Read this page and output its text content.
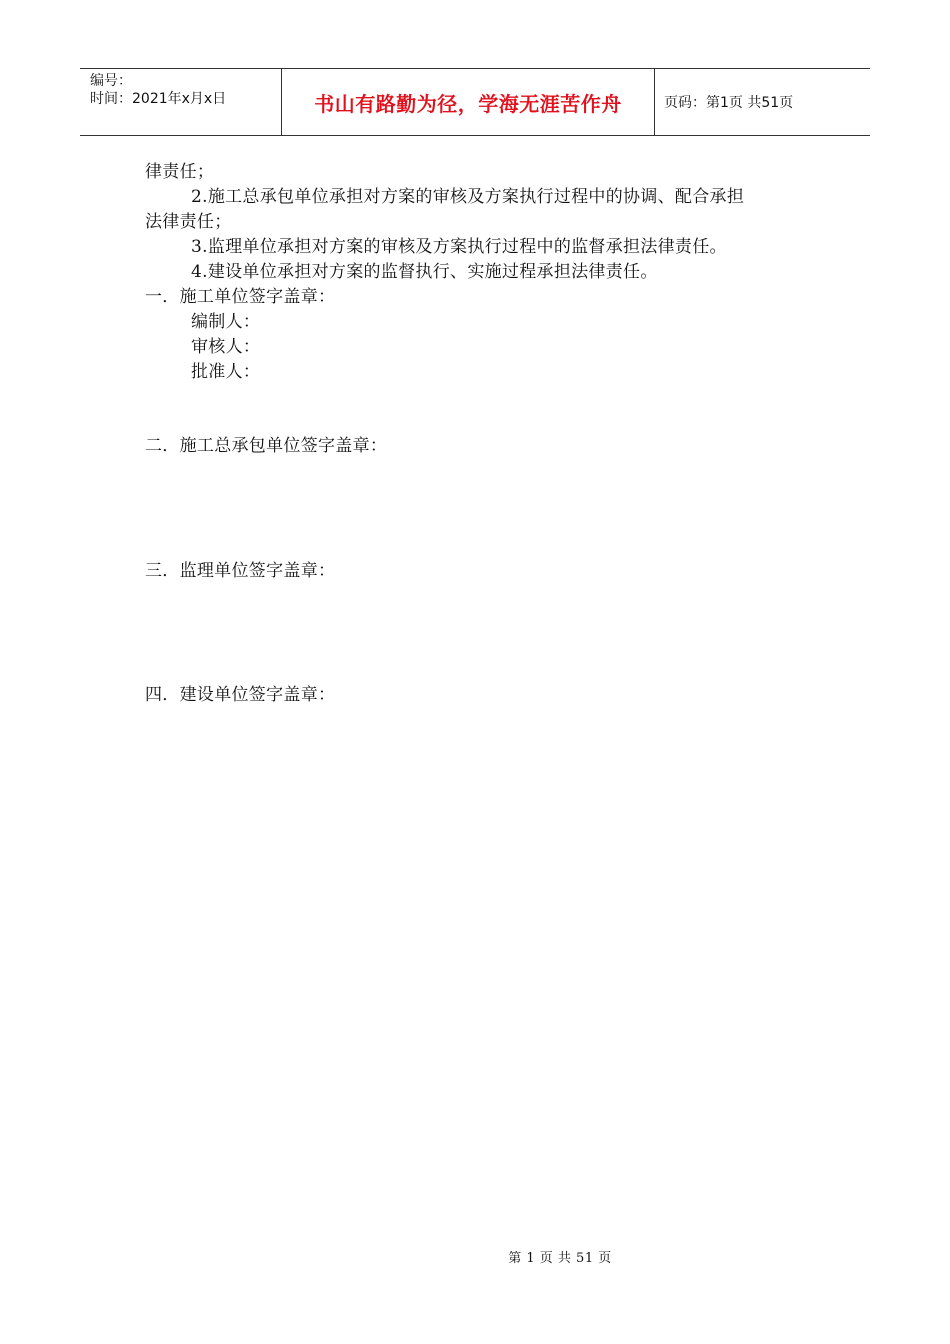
编号：
时间：2021年x月x日	书山有路勤为径，学海无涯苦作舟	页码：第1页 共51页
律责任；
2.施工总承包单位承担对方案的审核及方案执行过程中的协调、配合承担
法律责任；
3.监理单位承担对方案的审核及方案执行过程中的监督承担法律责任。
4.建设单位承担对方案的监督执行、实施过程承担法律责任。
一．施工单位签字盖章：
编制人：
审核人：
批准人：
二．施工总承包单位签字盖章：
三．监理单位签字盖章：
四．建设单位签字盖章：
第 1 页 共 51 页
